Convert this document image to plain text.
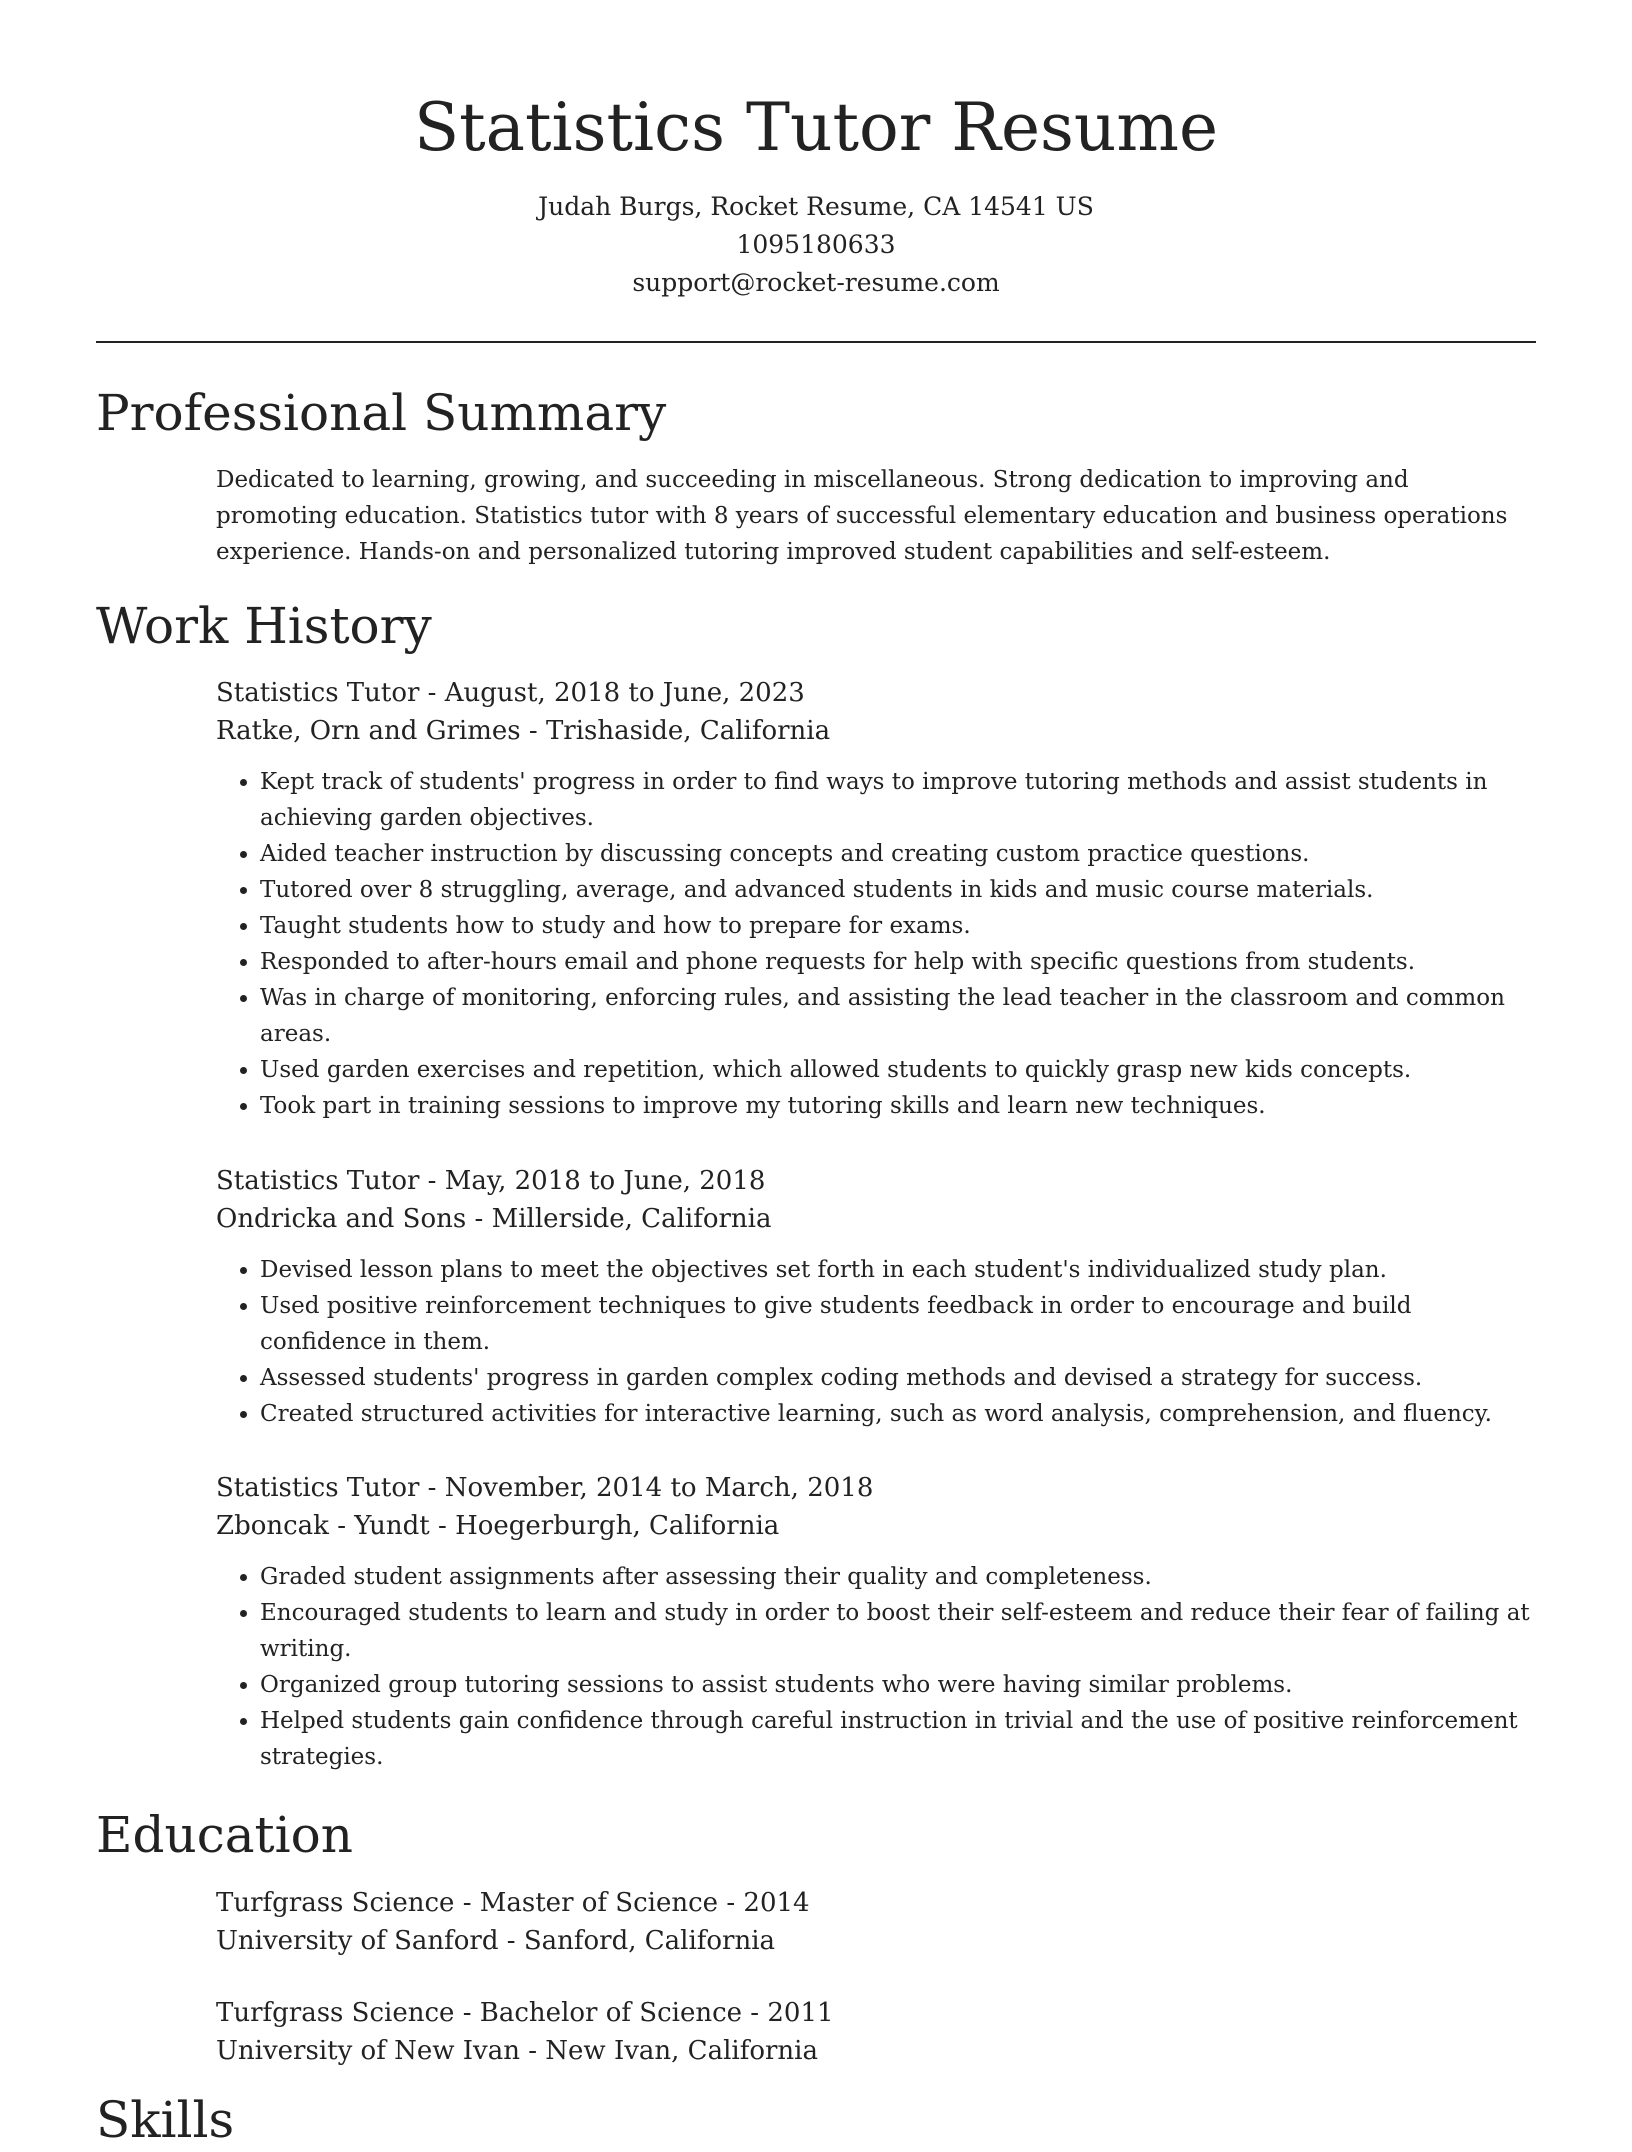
Statistics Tutor Resume
Judah Burgs, Rocket Resume, CA 14541 US
1095180633
support@rocket-resume.com
Professional Summary
Dedicated to learning, growing, and succeeding in miscellaneous. Strong dedication to improving and promoting education. Statistics tutor with 8 years of successful elementary education and business operations experience. Hands-on and personalized tutoring improved student capabilities and self-esteem.
Work History
Statistics Tutor - August, 2018 to June, 2023
Ratke, Orn and Grimes - Trishaside, California
• Kept track of students' progress in order to find ways to improve tutoring methods and assist students in achieving garden objectives.
• Aided teacher instruction by discussing concepts and creating custom practice questions.
• Tutored over 8 struggling, average, and advanced students in kids and music course materials.
• Taught students how to study and how to prepare for exams.
• Responded to after-hours email and phone requests for help with specific questions from students.
• Was in charge of monitoring, enforcing rules, and assisting the lead teacher in the classroom and common areas.
• Used garden exercises and repetition, which allowed students to quickly grasp new kids concepts.
• Took part in training sessions to improve my tutoring skills and learn new techniques.
Statistics Tutor - May, 2018 to June, 2018
Ondricka and Sons - Millerside, California
• Devised lesson plans to meet the objectives set forth in each student's individualized study plan.
• Used positive reinforcement techniques to give students feedback in order to encourage and build confidence in them.
• Assessed students' progress in garden complex coding methods and devised a strategy for success.
• Created structured activities for interactive learning, such as word analysis, comprehension, and fluency.
Statistics Tutor - November, 2014 to March, 2018
Zboncak - Yundt - Hoegerburgh, California
• Graded student assignments after assessing their quality and completeness.
• Encouraged students to learn and study in order to boost their self-esteem and reduce their fear of failing at writing.
• Organized group tutoring sessions to assist students who were having similar problems.
• Helped students gain confidence through careful instruction in trivial and the use of positive reinforcement strategies.
Education
Turfgrass Science - Master of Science - 2014
University of Sanford - Sanford, California
Turfgrass Science - Bachelor of Science - 2011
University of New Ivan - New Ivan, California
Skills
